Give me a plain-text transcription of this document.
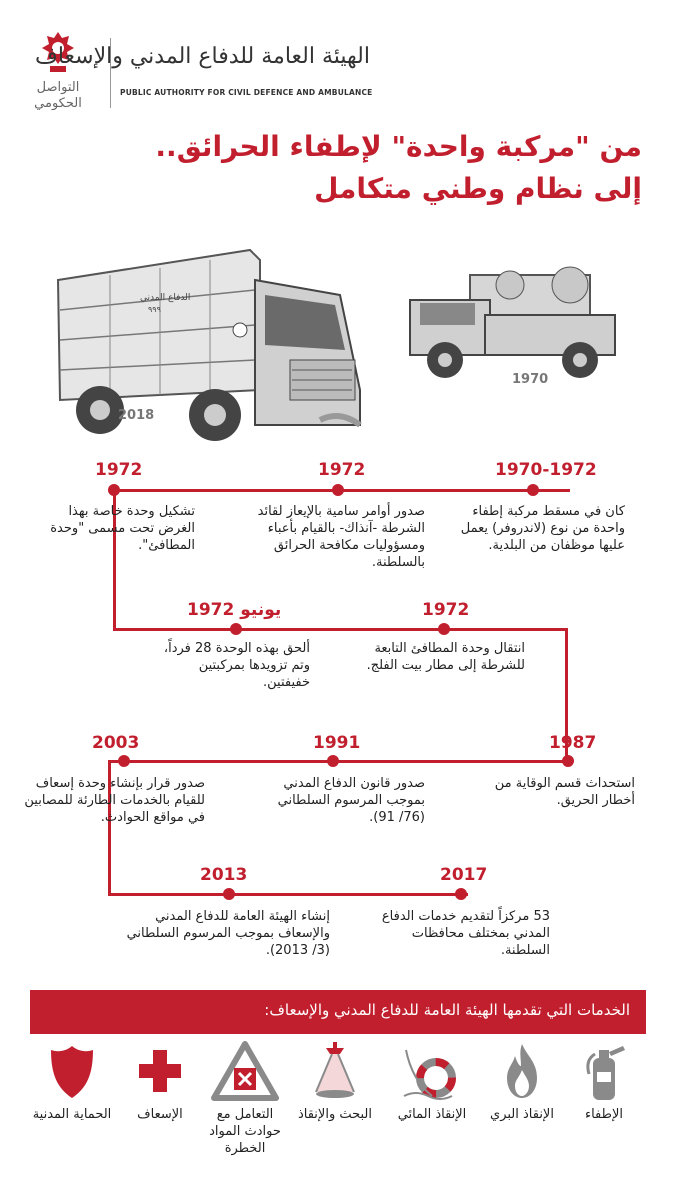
التواصل الحكومي
الهيئة العامة للدفاع المدني والإسعاف
PUBLIC AUTHORITY FOR CIVIL DEFENCE AND AMBULANCE
من "مركبة واحدة" لإطفاء الحرائق..
إلى نظام وطني متكامل
الدفاع المدني
٩٩٩
2018
1970
1970-1972
كان في مسقط مركبة إطفاء واحدة من نوع (لاندروفر) يعمل عليها موظفان من البلدية.
1972
صدور أوامر سامية بالإيعاز لقائد الشرطة -آنذاك- بالقيام بأعباء ومسؤوليات مكافحة الحرائق بالسلطنة.
1972
تشكيل وحدة خاصة بهذا الغرض تحت مسمى "وحدة المطافئ".
يونيو 1972
ألحق بهذه الوحدة 28 فرداً، وتم تزويدها بمركبتين خفيفتين.
1972
انتقال وحدة المطافئ التابعة للشرطة إلى مطار بيت الفلج.
1987
استحداث قسم الوقاية من أخطار الحريق.
1991
صدور قانون الدفاع المدني بموجب المرسوم السلطاني (76/ 91).
2003
صدور قرار بإنشاء وحدة إسعاف للقيام بالخدمات الطارئة للمصابين في مواقع الحوادث.
2017
53 مركزاً لتقديم خدمات الدفاع المدني بمختلف محافظات السلطنة.
2013
إنشاء الهيئة العامة للدفاع المدني والإسعاف بموجب المرسوم السلطاني (3/ 2013).
الخدمات التي تقدمها الهيئة العامة للدفاع المدني والإسعاف:
الإطفاء
الإنقاذ البري
الإنقاذ المائي
البحث والإنقاذ
التعامل مع حوادث المواد الخطرة
الإسعاف
الحماية المدنية
